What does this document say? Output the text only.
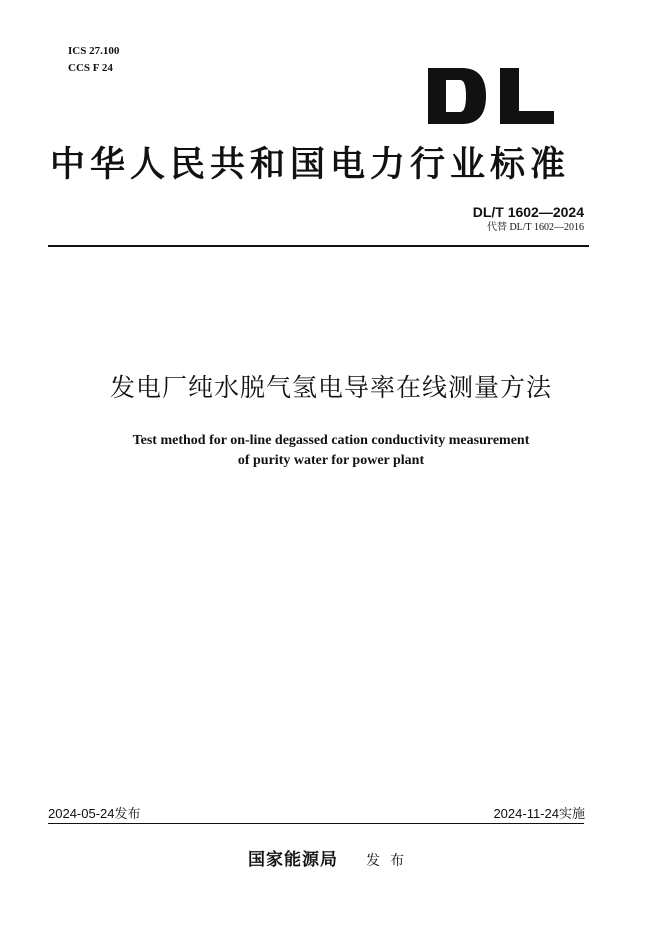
ICS 27.100
CCS F 24
中华人民共和国电力行业标准
DL/T 1602—2024
代替 DL/T 1602—2016
发电厂纯水脱气氢电导率在线测量方法
Test method for on-line degassed cation conductivity measurement
of purity water for power plant
2024-05-24发布	2024-11-24实施
国家能源局 发布
